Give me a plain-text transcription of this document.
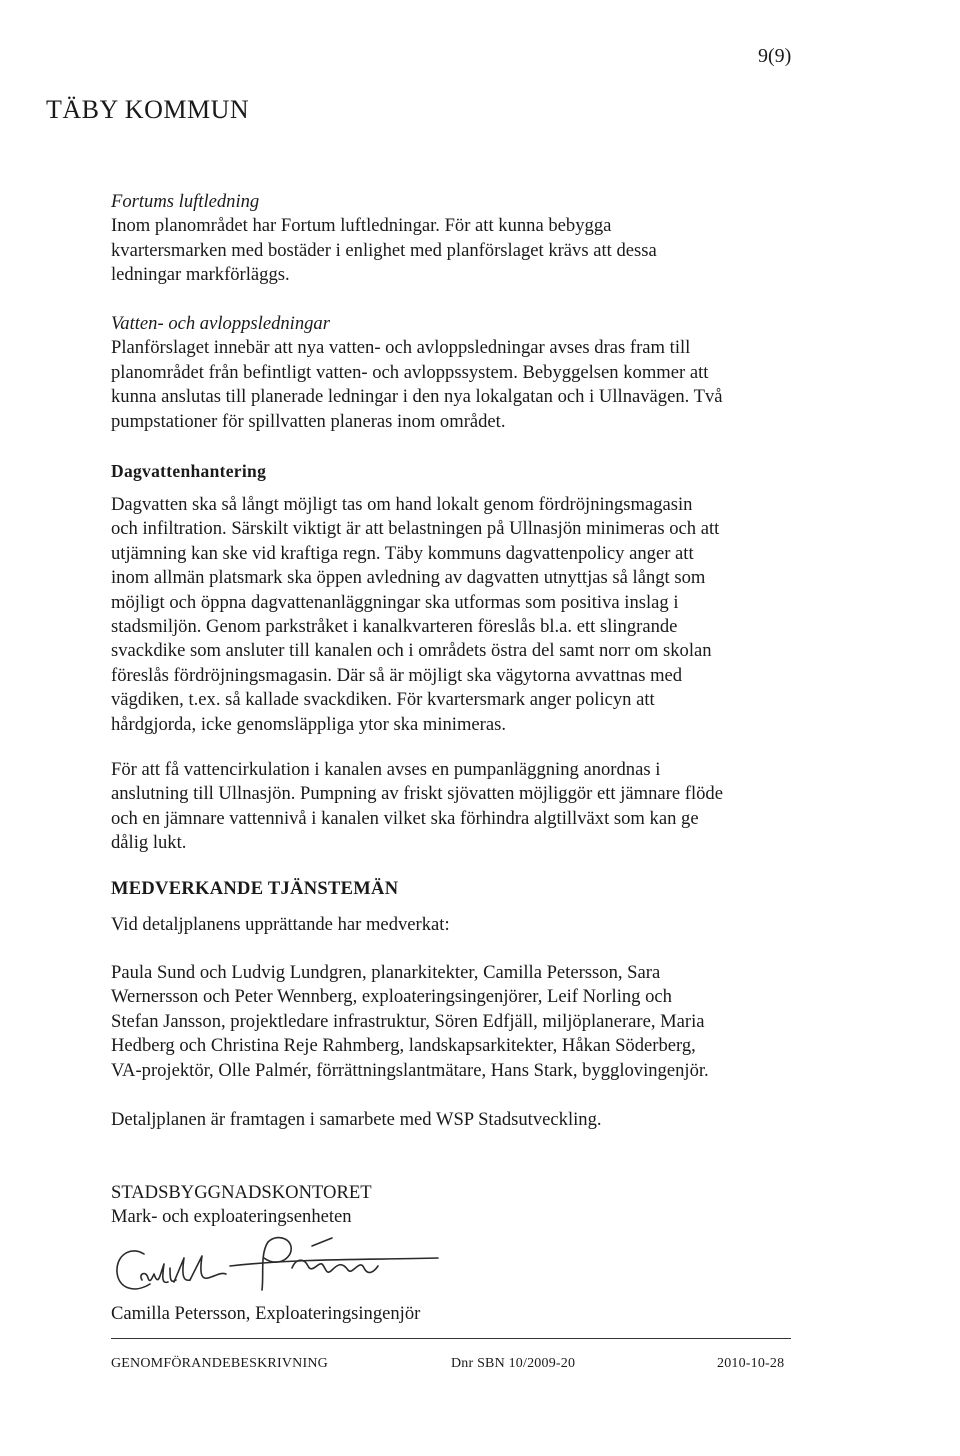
9(9)
TÄBY KOMMUN
Fortums luftledning
Inom planområdet har Fortum luftledningar. För att kunna bebygga
kvartersmarken med bostäder i enlighet med planförslaget krävs att dessa
ledningar markförläggs.
Vatten- och avloppsledningar
Planförslaget innebär att nya vatten- och avloppsledningar avses dras fram till
planområdet från befintligt vatten- och avloppssystem. Bebyggelsen kommer att
kunna anslutas till planerade ledningar i den nya lokalgatan och i Ullnavägen. Två
pumpstationer för spillvatten planeras inom området.
Dagvattenhantering
Dagvatten ska så långt möjligt tas om hand lokalt genom fördröjningsmagasin
och infiltration. Särskilt viktigt är att belastningen på Ullnasjön minimeras och att
utjämning kan ske vid kraftiga regn. Täby kommuns dagvattenpolicy anger att
inom allmän platsmark ska öppen avledning av dagvatten utnyttjas så långt som
möjligt och öppna dagvattenanläggningar ska utformas som positiva inslag i
stadsmiljön. Genom parkstråket i kanalkvarteren föreslås bl.a. ett slingrande
svackdike som ansluter till kanalen och i områdets östra del samt norr om skolan
föreslås fördröjningsmagasin. Där så är möjligt ska vägytorna avvattnas med
vägdiken, t.ex. så kallade svackdiken. För kvartersmark anger policyn att
hårdgjorda, icke genomsläppliga ytor ska minimeras.
För att få vattencirkulation i kanalen avses en pumpanläggning anordnas i
anslutning till Ullnasjön. Pumpning av friskt sjövatten möjliggör ett jämnare flöde
och en jämnare vattennivå i kanalen vilket ska förhindra algtillväxt som kan ge
dålig lukt.
MEDVERKANDE TJÄNSTEMÄN
Vid detaljplanens upprättande har medverkat:
Paula Sund och Ludvig Lundgren, planarkitekter, Camilla Petersson, Sara
Wernersson och Peter Wennberg, exploateringsingenjörer, Leif Norling och
Stefan Jansson, projektledare infrastruktur, Sören Edfjäll, miljöplanerare, Maria
Hedberg och Christina Reje Rahmberg, landskapsarkitekter, Håkan Söderberg,
VA-projektör, Olle Palmér, förrättningslantmätare, Hans Stark, bygglovingenjör.
Detaljplanen är framtagen i samarbete med WSP Stadsutveckling.
STADSBYGGNADSKONTORET
Mark- och exploateringsenheten
Camilla Petersson, Exploateringsingenjör
GENOMFÖRANDEBESKRIVNING	Dnr SBN 10/2009-20	2010-10-28
